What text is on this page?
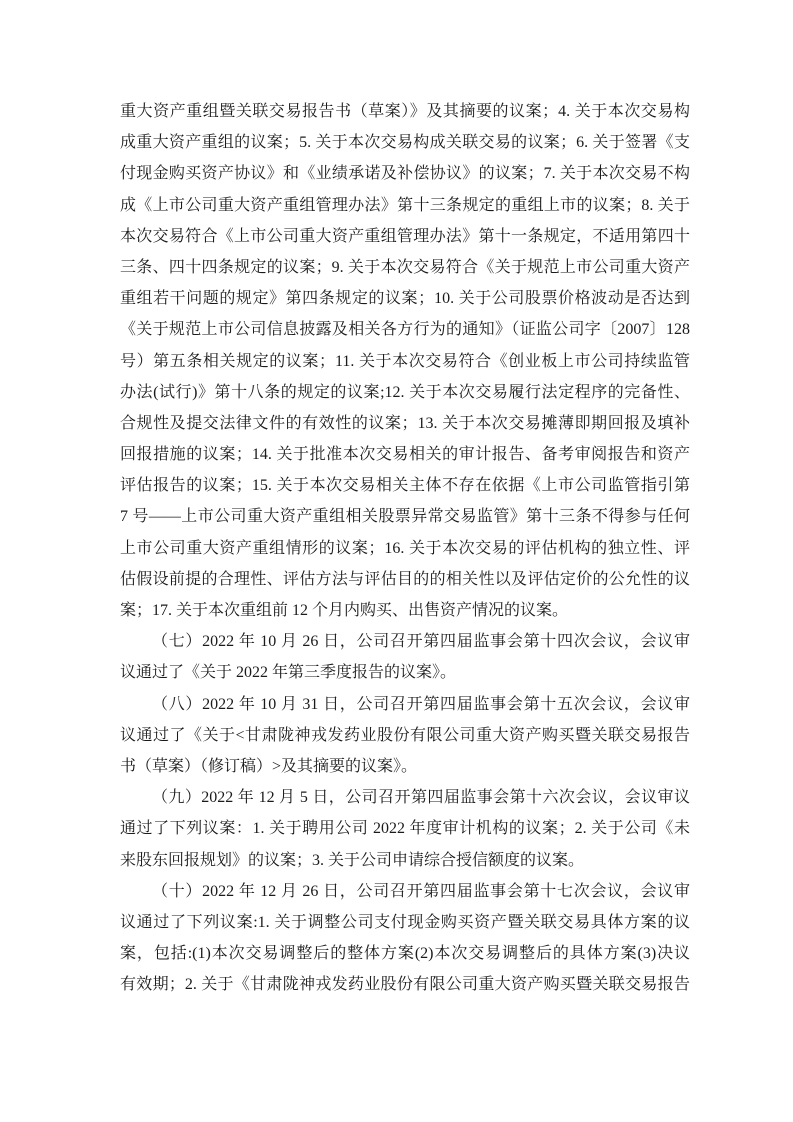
重大资产重组暨关联交易报告书（草案）》及其摘要的议案；4. 关于本次交易构
成重大资产重组的议案；5. 关于本次交易构成关联交易的议案；6. 关于签署《支
付现金购买资产协议》和《业绩承诺及补偿协议》的议案；7. 关于本次交易不构
成《上市公司重大资产重组管理办法》第十三条规定的重组上市的议案；8. 关于
本次交易符合《上市公司重大资产重组管理办法》第十一条规定，不适用第四十
三条、四十四条规定的议案；9. 关于本次交易符合《关于规范上市公司重大资产
重组若干问题的规定》第四条规定的议案；10. 关于公司股票价格波动是否达到
《关于规范上市公司信息披露及相关各方行为的通知》（证监公司字〔2007〕128
号）第五条相关规定的议案；11. 关于本次交易符合《创业板上市公司持续监管
办法(试行)》第十八条的规定的议案;12. 关于本次交易履行法定程序的完备性、
合规性及提交法律文件的有效性的议案；13. 关于本次交易摊薄即期回报及填补
回报措施的议案；14. 关于批准本次交易相关的审计报告、备考审阅报告和资产
评估报告的议案；15. 关于本次交易相关主体不存在依据《上市公司监管指引第
7 号——上市公司重大资产重组相关股票异常交易监管》第十三条不得参与任何
上市公司重大资产重组情形的议案；16. 关于本次交易的评估机构的独立性、评
估假设前提的合理性、评估方法与评估目的的相关性以及评估定价的公允性的议
案；17. 关于本次重组前 12 个月内购买、出售资产情况的议案。
（七）2022 年 10 月 26 日，公司召开第四届监事会第十四次会议，会议审
议通过了《关于 2022 年第三季度报告的议案》。
（八）2022 年 10 月 31 日，公司召开第四届监事会第十五次会议，会议审
议通过了《关于<甘肃陇神戎发药业股份有限公司重大资产购买暨关联交易报告
书（草案）（修订稿）>及其摘要的议案》。
（九）2022 年 12 月 5 日，公司召开第四届监事会第十六次会议，会议审议
通过了下列议案：1. 关于聘用公司 2022 年度审计机构的议案；2. 关于公司《未
来股东回报规划》的议案；3. 关于公司申请综合授信额度的议案。
（十）2022 年 12 月 26 日，公司召开第四届监事会第十七次会议，会议审
议通过了下列议案:1. 关于调整公司支付现金购买资产暨关联交易具体方案的议
案，包括:(1)本次交易调整后的整体方案(2)本次交易调整后的具体方案(3)决议
有效期；2. 关于《甘肃陇神戎发药业股份有限公司重大资产购买暨关联交易报告
